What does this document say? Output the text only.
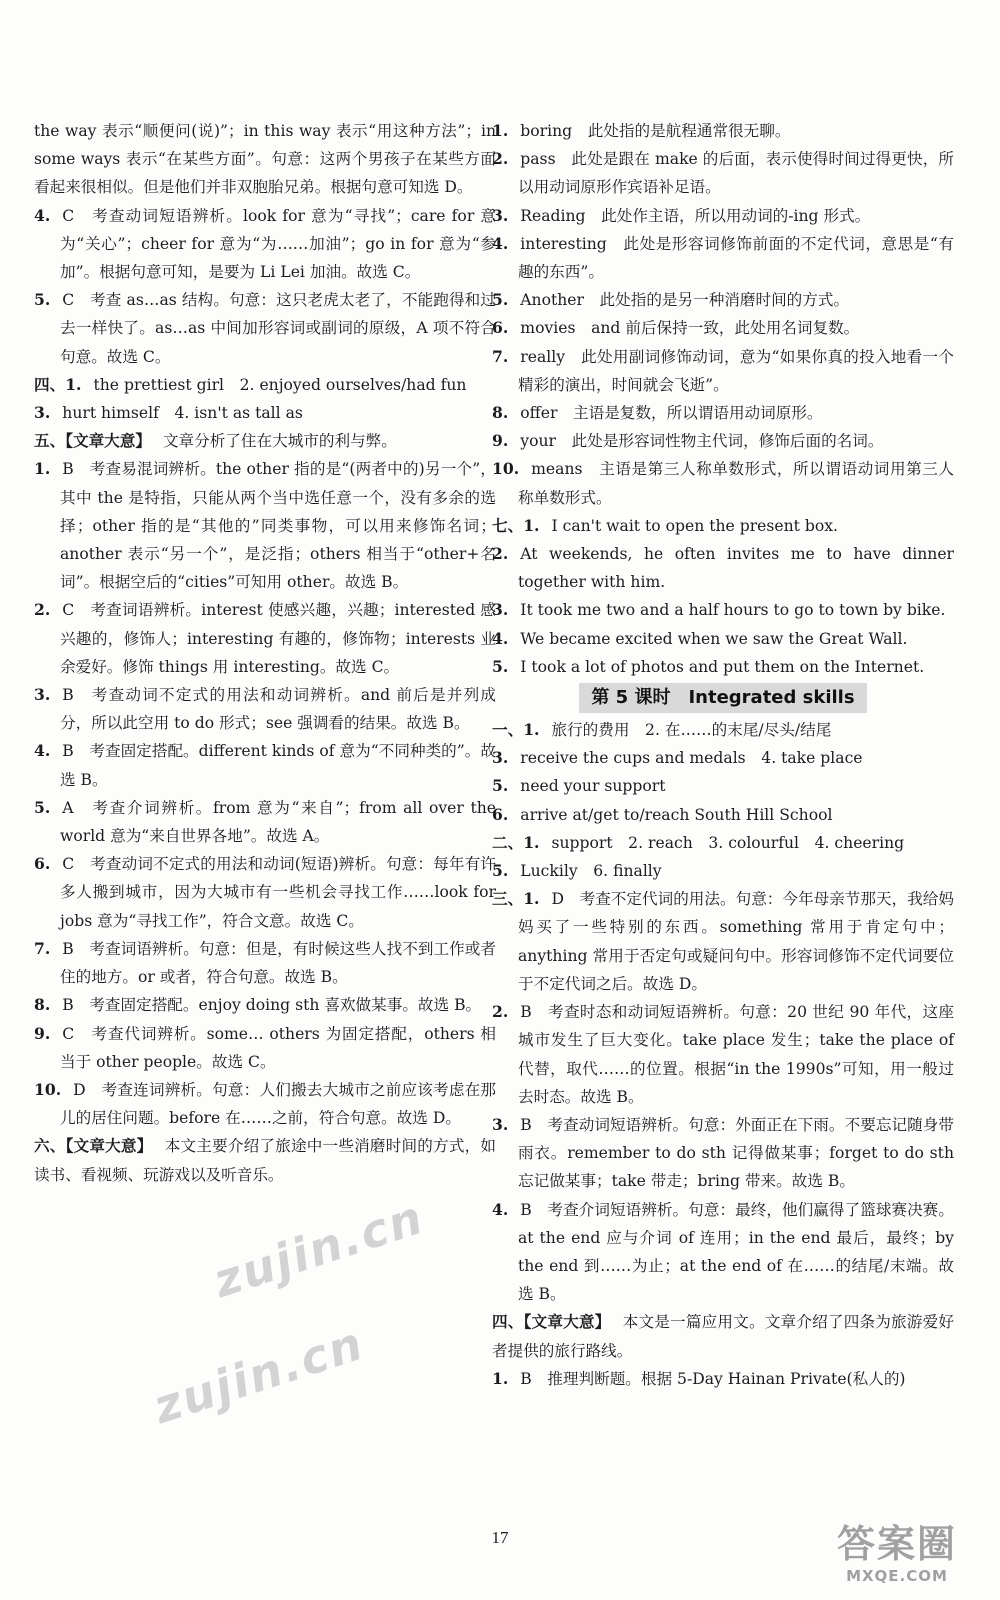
the way 表示“顺便问(说)”；in this way 表示“用这种方法”；in some ways 表示“在某些方面”。句意：这两个男孩子在某些方面看起来很相似。但是他们并非双胞胎兄弟。根据句意可知选 D。

4. C　考查动词短语辨析。look for 意为“寻找”；care for 意为“关心”；cheer for 意为“为……加油”；go in for 意为“参加”。根据句意可知，是要为 Li Lei 加油。故选 C。

5. C　考查 as…as 结构。句意：这只老虎太老了，不能跑得和过去一样快了。as…as 中间加形容词或副词的原级，A 项不符合句意。故选 C。

四、1. the prettiest girl　2. enjoyed ourselves/had fun

3. hurt himself　4. isn't as tall as

五、【文章大意】 文章分析了住在大城市的利与弊。

1. B　考查易混词辨析。the other 指的是“(两者中的)另一个”，其中 the 是特指，只能从两个当中选任意一个，没有多余的选择；other 指的是“其他的”同类事物，可以用来修饰名词；another 表示“另一个”，是泛指；others 相当于“other+名词”。根据空后的“cities”可知用 other。故选 B。

2. C　考查词语辨析。interest 使感兴趣，兴趣；interested 感兴趣的，修饰人；interesting 有趣的，修饰物；interests 业余爱好。修饰 things 用 interesting。故选 C。

3. B　考查动词不定式的用法和动词辨析。and 前后是并列成分，所以此空用 to do 形式；see 强调看的结果。故选 B。

4. B　考查固定搭配。different kinds of 意为“不同种类的”。故选 B。

5. A　考查介词辨析。from 意为“来自”；from all over the world 意为“来自世界各地”。故选 A。

6. C　考查动词不定式的用法和动词(短语)辨析。句意：每年有许多人搬到城市，因为大城市有一些机会寻找工作……look for jobs 意为“寻找工作”，符合文意。故选 C。

7. B　考查词语辨析。句意：但是，有时候这些人找不到工作或者住的地方。or 或者，符合句意。故选 B。

8. B　考查固定搭配。enjoy doing sth 喜欢做某事。故选 B。

9. C　考查代词辨析。some… others 为固定搭配，others 相当于 other people。故选 C。

10. D　考查连词辨析。句意：人们搬去大城市之前应该考虑在那儿的居住问题。before 在……之前，符合句意。故选 D。

六、【文章大意】 本文主要介绍了旅途中一些消磨时间的方式，如读书、看视频、玩游戏以及听音乐。

1. boring　此处指的是航程通常很无聊。

2. pass　此处是跟在 make 的后面，表示使得时间过得更快，所以用动词原形作宾语补足语。

3. Reading　此处作主语，所以用动词的-ing 形式。

4. interesting　此处是形容词修饰前面的不定代词，意思是“有趣的东西”。

5. Another　此处指的是另一种消磨时间的方式。

6. movies　and 前后保持一致，此处用名词复数。

7. really　此处用副词修饰动词，意为“如果你真的投入地看一个精彩的演出，时间就会飞逝”。

8. offer　主语是复数，所以谓语用动词原形。

9. your　此处是形容词性物主代词，修饰后面的名词。

10. means　主语是第三人称单数形式，所以谓语动词用第三人称单数形式。

七、1. I can't wait to open the present box.

2. At weekends, he often invites me to have dinner together with him.

3. It took me two and a half hours to go to town by bike.

4. We became excited when we saw the Great Wall.

5. I took a lot of photos and put them on the Internet.

第 5 课时　Integrated skills

一、1. 旅行的费用　2. 在……的末尾/尽头/结尾

3. receive the cups and medals　4. take place

5. need your support

6. arrive at/get to/reach South Hill School

二、1. support　2. reach　3. colourful　4. cheering

5. Luckily　6. finally

三、1. D　考查不定代词的用法。句意：今年母亲节那天，我给妈妈买了一些特别的东西。something 常用于肯定句中；anything 常用于否定句或疑问句中。形容词修饰不定代词要位于不定代词之后。故选 D。

2. B　考查时态和动词短语辨析。句意：20 世纪 90 年代，这座城市发生了巨大变化。take place 发生；take the place of 代替，取代……的位置。根据“in the 1990s”可知，用一般过去时态。故选 B。

3. B　考查动词短语辨析。句意：外面正在下雨。不要忘记随身带雨衣。remember to do sth 记得做某事；forget to do sth 忘记做某事；take 带走；bring 带来。故选 B。

4. B　考查介词短语辨析。句意：最终，他们赢得了篮球赛决赛。at the end 应与介词 of 连用；in the end 最后，最终；by the end 到……为止；at the end of 在……的结尾/末端。故选 B。

四、【文章大意】 本文是一篇应用文。文章介绍了四条为旅游爱好者提供的旅行路线。

1. B　推理判断题。根据 5-Day Hainan Private(私人的)

17
zujin.cn
zujin.cn
答案圈
MXQE.COM
